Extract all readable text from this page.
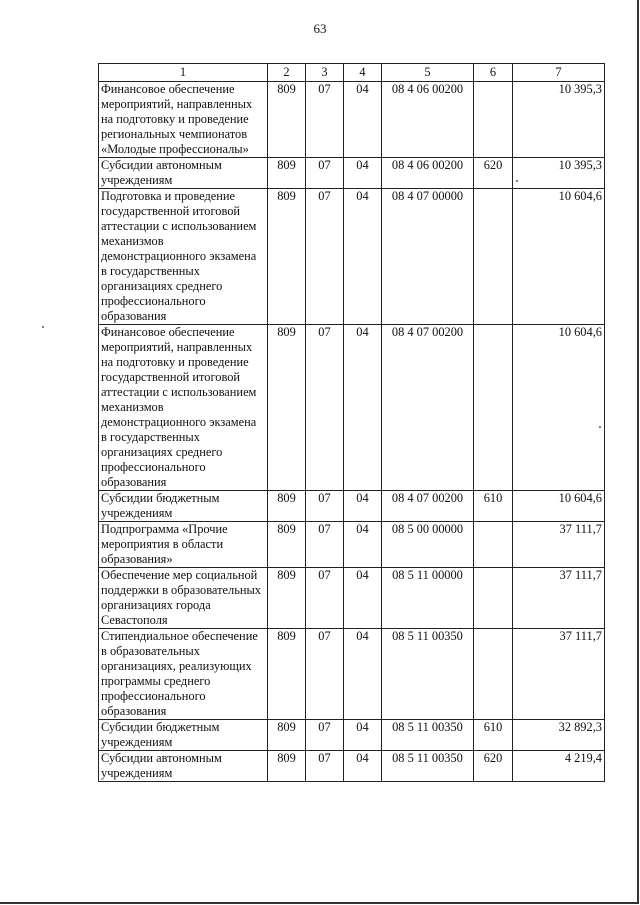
63
1	2	3	4	5	6	7
Финансовое обеспечение мероприятий, направленных на подготовку и проведение региональных чемпионатов «Молодые профессионалы»	809	07	04	08 4 06 00200		10 395,3
Субсидии автономным учреждениям	809	07	04	08 4 06 00200	620	10 395,3
Подготовка и проведение государственной итоговой аттестации с использованием механизмов демонстрационного экзамена в государственных организациях среднего профессионального образования	809	07	04	08 4 07 00000		10 604,6
Финансовое обеспечение мероприятий, направленных на подготовку и проведение государственной итоговой аттестации с использованием механизмов демонстрационного экзамена в государственных организациях среднего профессионального образования	809	07	04	08 4 07 00200		10 604,6
Субсидии бюджетным учреждениям	809	07	04	08 4 07 00200	610	10 604,6
Подпрограмма «Прочие мероприятия в области образования»	809	07	04	08 5 00 00000		37 111,7
Обеспечение мер социальной поддержки в образовательных организациях города Севастополя	809	07	04	08 5 11 00000		37 111,7
Стипендиальное обеспечение в образовательных организациях, реализующих программы среднего профессионального образования	809	07	04	08 5 11 00350		37 111,7
Субсидии бюджетным учреждениям	809	07	04	08 5 11 00350	610	32 892,3
Субсидии автономным учреждениям	809	07	04	08 5 11 00350	620	4 219,4
